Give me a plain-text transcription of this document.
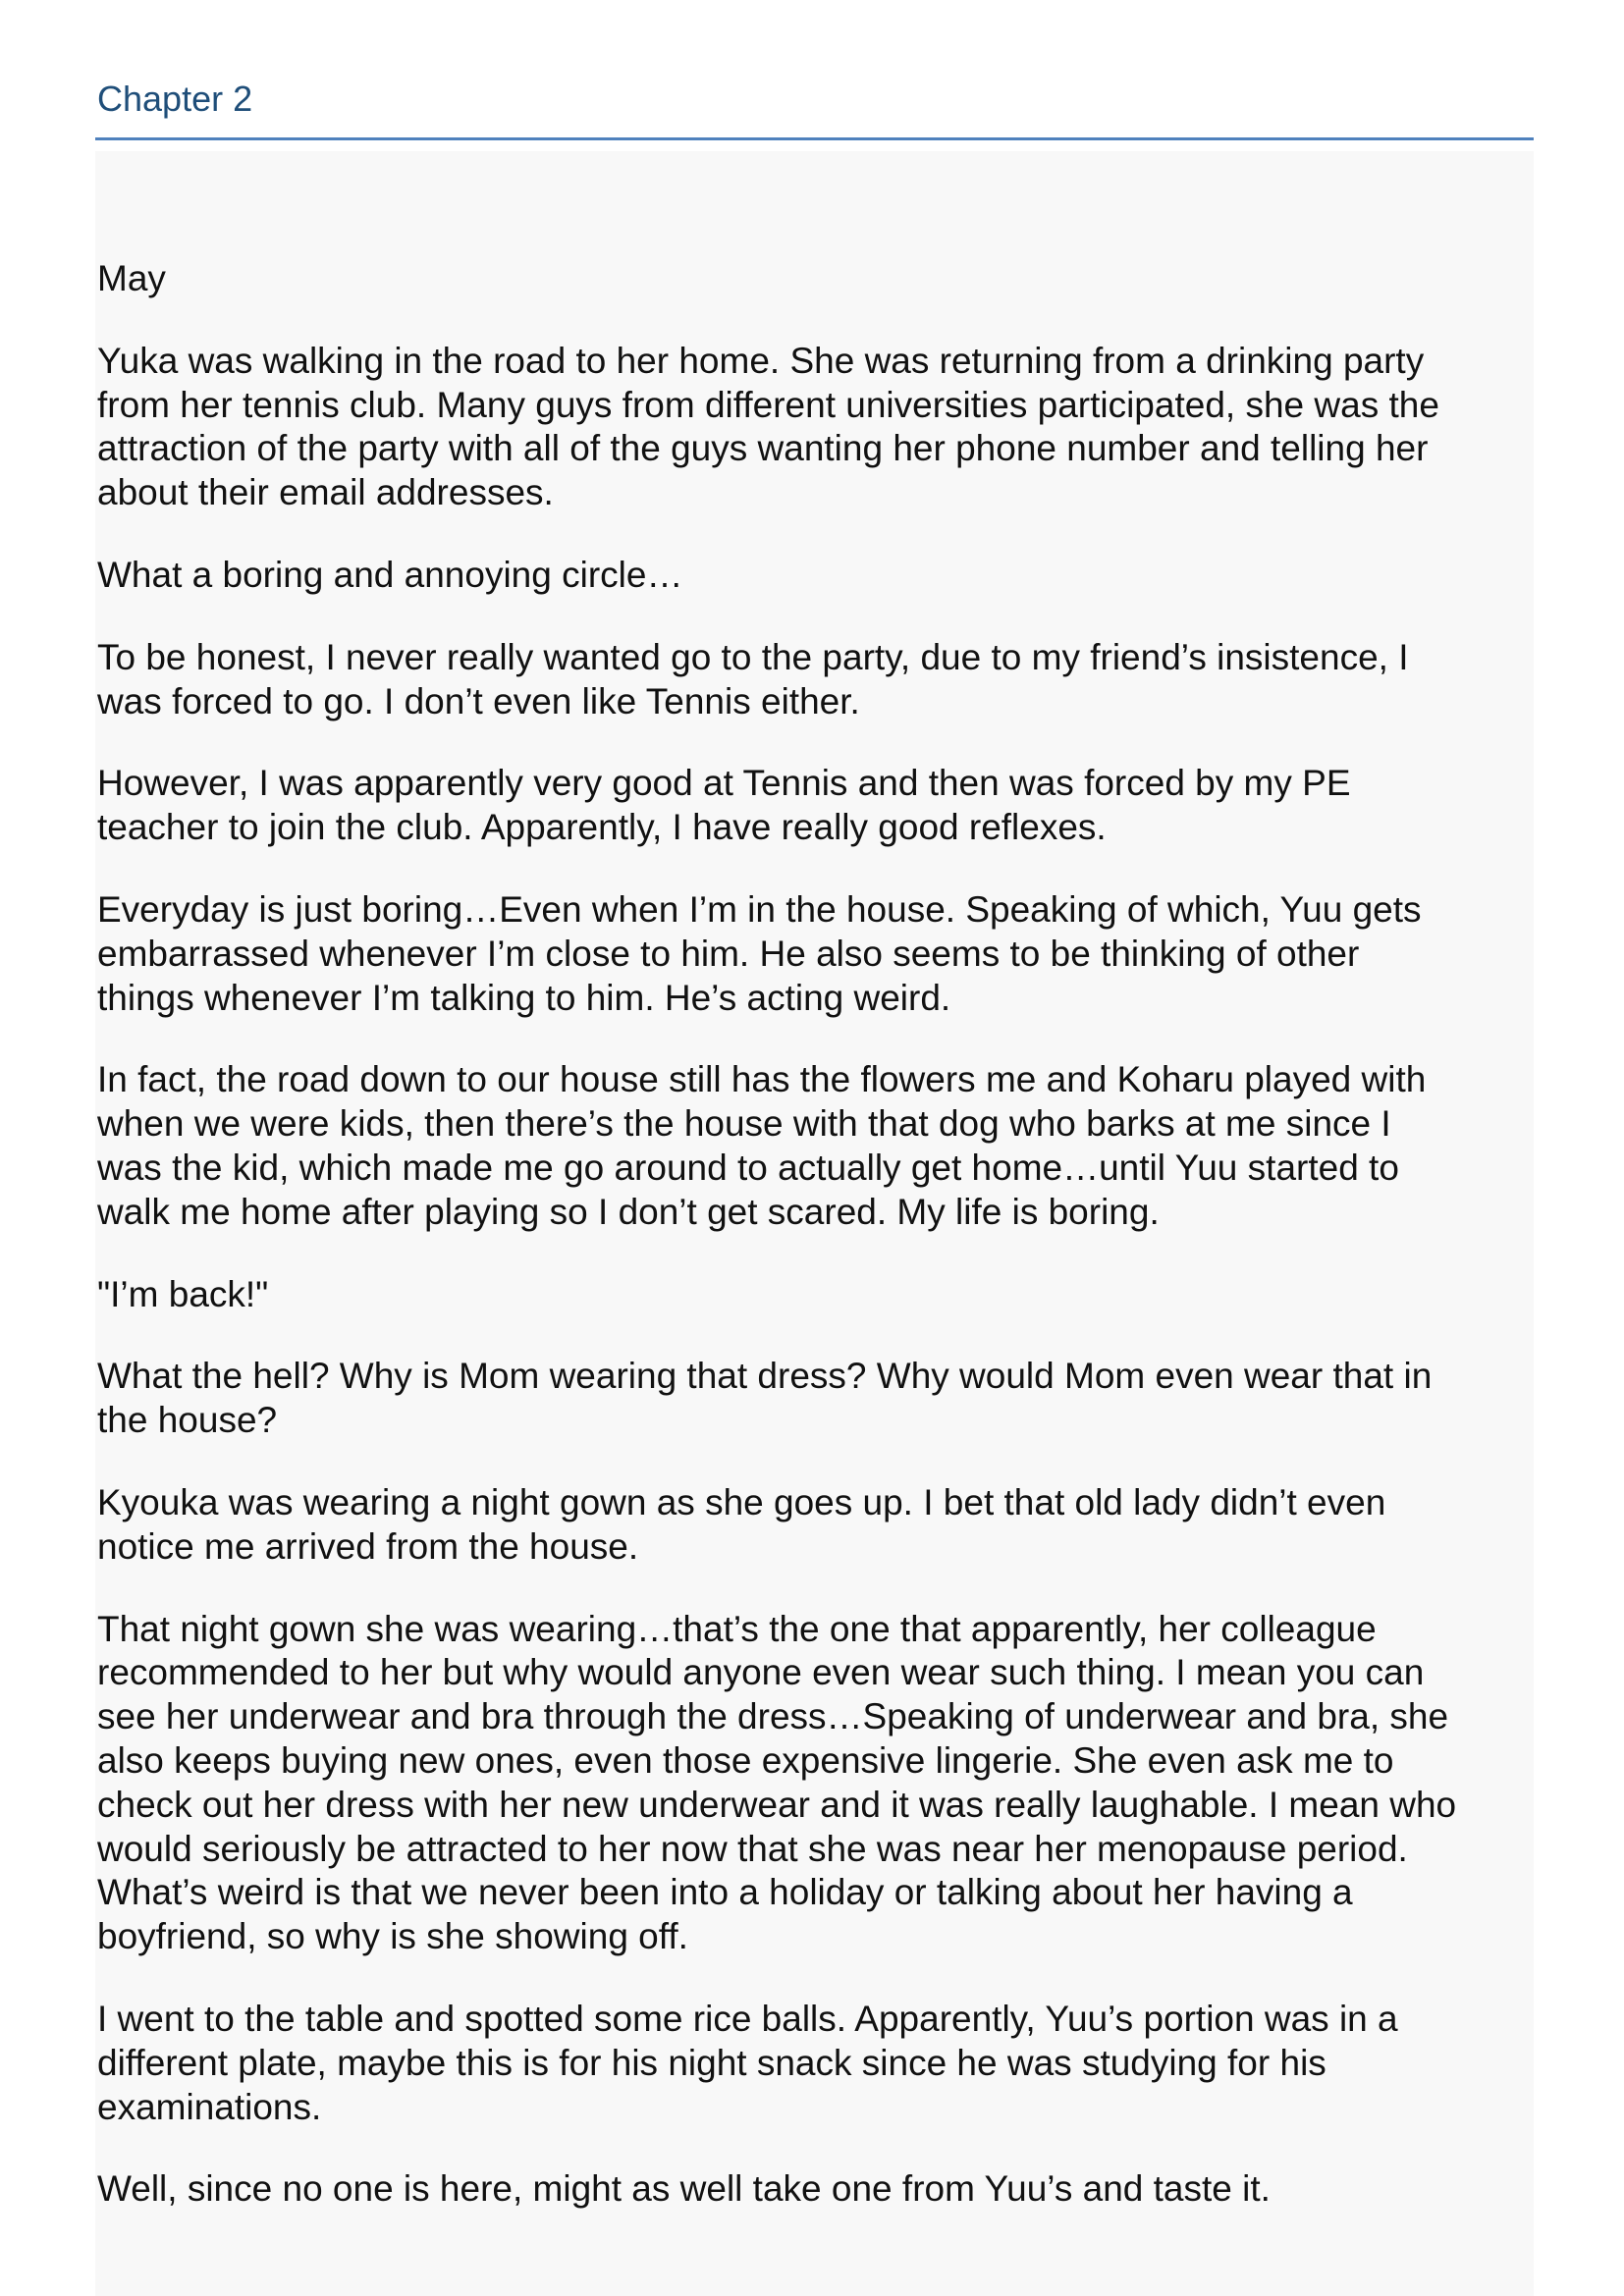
Chapter 2

May

Yuka was walking in the road to her home. She was returning from a drinking party
from her tennis club. Many guys from different universities participated, she was the
attraction of the party with all of the guys wanting her phone number and telling her
about their email addresses.

What a boring and annoying circle…

To be honest, I never really wanted go to the party, due to my friend’s insistence, I
was forced to go. I don’t even like Tennis either.

However, I was apparently very good at Tennis and then was forced by my PE
teacher to join the club. Apparently, I have really good reflexes.

Everyday is just boring…Even when I’m in the house. Speaking of which, Yuu gets
embarrassed whenever I’m close to him. He also seems to be thinking of other
things whenever I’m talking to him. He’s acting weird.

In fact, the road down to our house still has the flowers me and Koharu played with
when we were kids, then there’s the house with that dog who barks at me since I
was the kid, which made me go around to actually get home…until Yuu started to
walk me home after playing so I don’t get scared. My life is boring.

"I’m back!"

What the hell? Why is Mom wearing that dress? Why would Mom even wear that in
the house?

Kyouka was wearing a night gown as she goes up. I bet that old lady didn’t even
notice me arrived from the house.

That night gown she was wearing…that’s the one that apparently, her colleague
recommended to her but why would anyone even wear such thing. I mean you can
see her underwear and bra through the dress…Speaking of underwear and bra, she
also keeps buying new ones, even those expensive lingerie. She even ask me to
check out her dress with her new underwear and it was really laughable. I mean who
would seriously be attracted to her now that she was near her menopause period.
What’s weird is that we never been into a holiday or talking about her having a
boyfriend, so why is she showing off.

I went to the table and spotted some rice balls. Apparently, Yuu’s portion was in a
different plate, maybe this is for his night snack since he was studying for his
examinations.

Well, since no one is here, might as well take one from Yuu’s and taste it.
